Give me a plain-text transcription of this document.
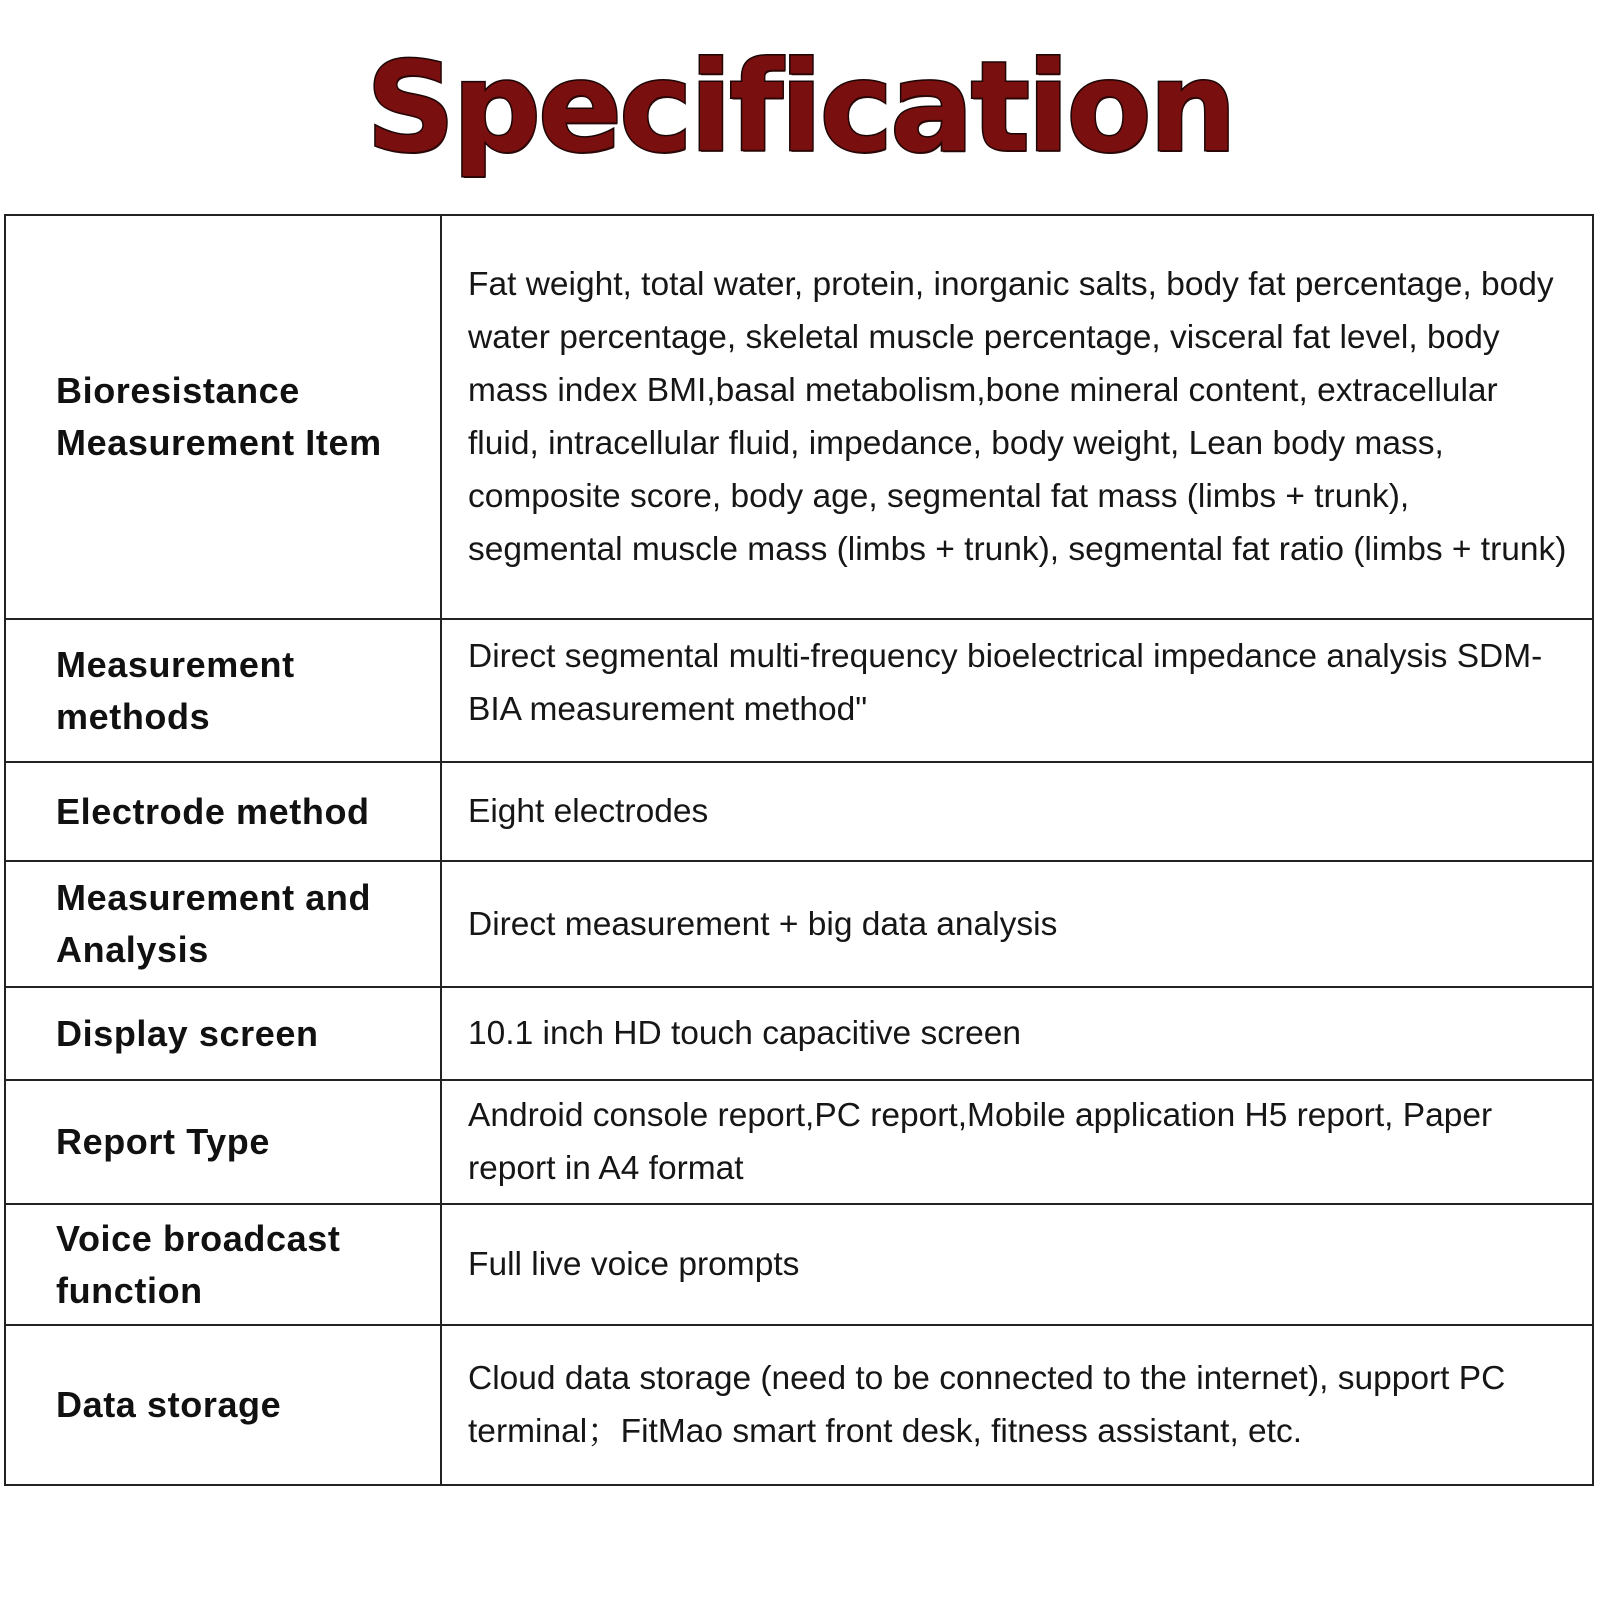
Specification
Bioresistance Measurement Item	Fat weight, total water, protein, inorganic salts, body fat percentage, body water percentage, skeletal muscle percentage, visceral fat level, body mass index BMI,basal metabolism,bone mineral content, extracellular fluid, intracellular fluid, impedance, body weight, Lean body mass, composite score, body age, segmental fat mass (limbs + trunk), segmental muscle mass (limbs + trunk), segmental fat ratio (limbs + trunk)
Measurement methods	Direct segmental multi-frequency bioelectrical impedance analysis SDM-BIA measurement method"
Electrode method	Eight electrodes
Measurement and Analysis	Direct measurement + big data analysis
Display screen	10.1 inch HD touch capacitive screen
Report Type	Android console report,PC report,Mobile application H5 report, Paper report in A4 format
Voice broadcast function	Full live voice prompts
Data storage	Cloud data storage (need to be connected to the internet), support PC terminal；FitMao smart front desk, fitness assistant, etc.
